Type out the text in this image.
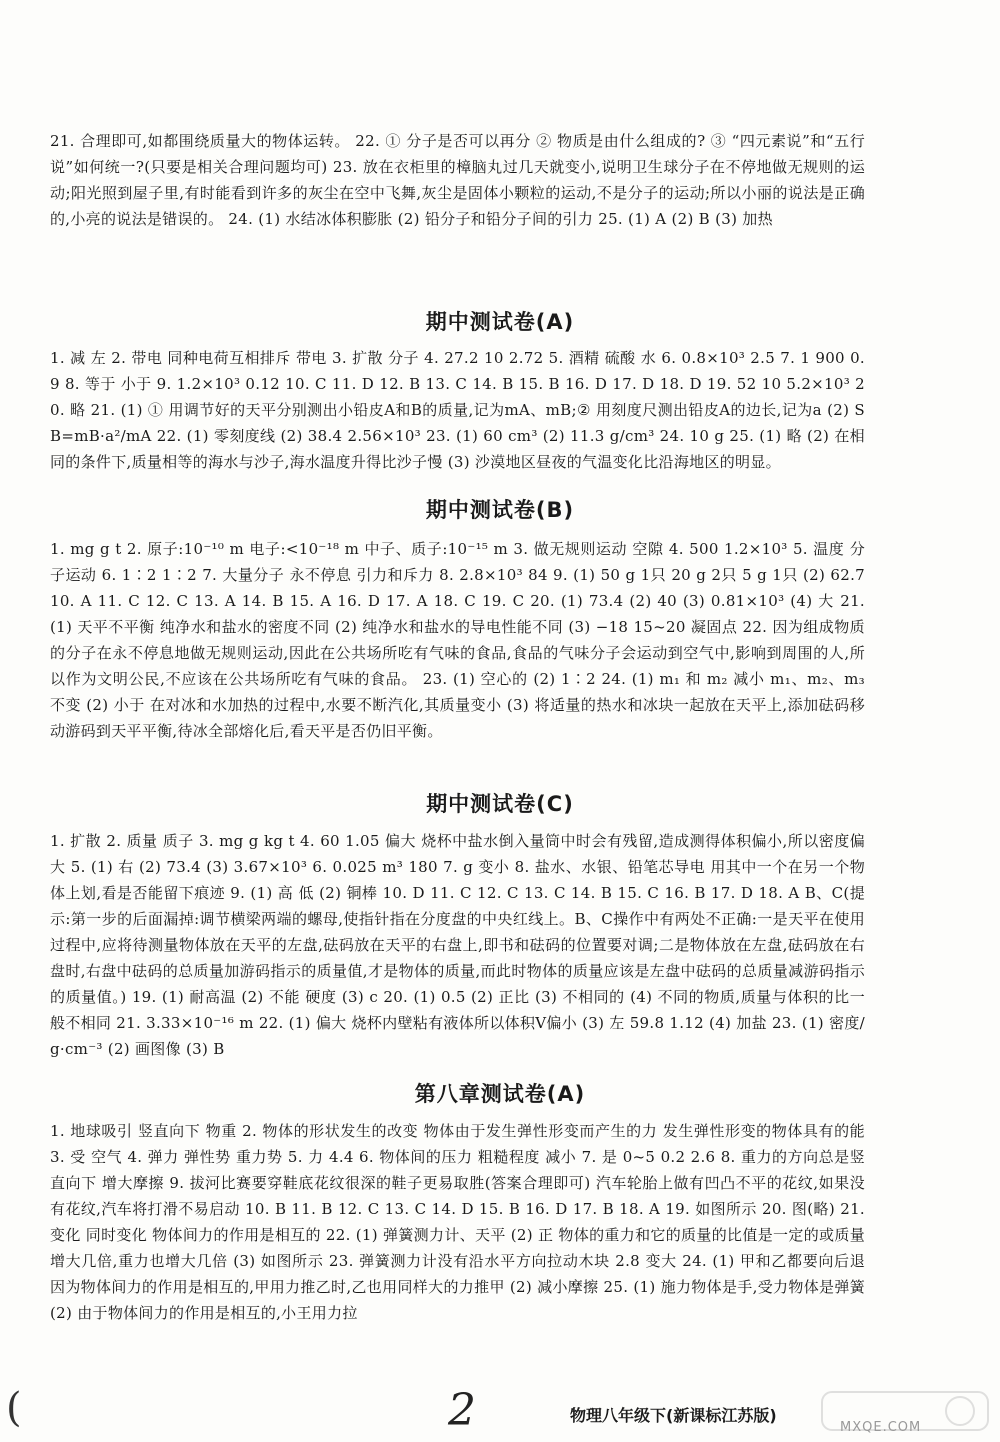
21. 合理即可,如都围绕质量大的物体运转。 22. ① 分子是否可以再分 ② 物质是由什么组成的? ③ “四元素说”和“五行说”如何统一?(只要是相关合理问题均可) 23. 放在衣柜里的樟脑丸过几天就变小,说明卫生球分子在不停地做无规则的运动;阳光照到屋子里,有时能看到许多的灰尘在空中飞舞,灰尘是固体小颗粒的运动,不是分子的运动;所以小丽的说法是正确的,小亮的说法是错误的。 24. (1) 水结冰体积膨胀 (2) 铅分子和铅分子间的引力 25. (1) A (2) B (3) 加热
期中测试卷(A)
1. 减 左 2. 带电 同种电荷互相排斥 带电 3. 扩散 分子 4. 27.2 10 2.72 5. 酒精 硫酸 水 6. 0.8×10³ 2.5 7. 1 900 0.9 8. 等于 小于 9. 1.2×10³ 0.12 10. C 11. D 12. B 13. C 14. B 15. B 16. D 17. D 18. D 19. 52 10 5.2×10³ 20. 略 21. (1) ① 用调节好的天平分别测出小铅皮A和B的质量,记为mA、mB;② 用刻度尺测出铅皮A的边长,记为a (2) SB=mB·a²/mA 22. (1) 零刻度线 (2) 38.4 2.56×10³ 23. (1) 60 cm³ (2) 11.3 g/cm³ 24. 10 g 25. (1) 略 (2) 在相同的条件下,质量相等的海水与沙子,海水温度升得比沙子慢 (3) 沙漠地区昼夜的气温变化比沿海地区的明显。
期中测试卷(B)
1. mg g t 2. 原子:10⁻¹⁰ m 电子:<10⁻¹⁸ m 中子、质子:10⁻¹⁵ m 3. 做无规则运动 空隙 4. 500 1.2×10³ 5. 温度 分子运动 6. 1∶2 1∶2 7. 大量分子 永不停息 引力和斥力 8. 2.8×10³ 84 9. (1) 50 g 1只 20 g 2只 5 g 1只 (2) 62.7 10. A 11. C 12. C 13. A 14. B 15. A 16. D 17. A 18. C 19. C 20. (1) 73.4 (2) 40 (3) 0.81×10³ (4) 大 21. (1) 天平不平衡 纯净水和盐水的密度不同 (2) 纯净水和盐水的导电性能不同 (3) −18 15~20 凝固点 22. 因为组成物质的分子在永不停息地做无规则运动,因此在公共场所吃有气味的食品,食品的气味分子会运动到空气中,影响到周围的人,所以作为文明公民,不应该在公共场所吃有气味的食品。 23. (1) 空心的 (2) 1∶2 24. (1) m₁ 和 m₂ 减小 m₁、m₂、m₃ 不变 (2) 小于 在对冰和水加热的过程中,水要不断汽化,其质量变小 (3) 将适量的热水和冰块一起放在天平上,添加砝码移动游码到天平平衡,待冰全部熔化后,看天平是否仍旧平衡。
期中测试卷(C)
1. 扩散 2. 质量 质子 3. mg g kg t 4. 60 1.05 偏大 烧杯中盐水倒入量筒中时会有残留,造成测得体积偏小,所以密度偏大 5. (1) 右 (2) 73.4 (3) 3.67×10³ 6. 0.025 m³ 180 7. g 变小 8. 盐水、水银、铅笔芯导电 用其中一个在另一个物体上划,看是否能留下痕迹 9. (1) 高 低 (2) 铜棒 10. D 11. C 12. C 13. C 14. B 15. C 16. B 17. D 18. A B、C(提示:第一步的后面漏掉:调节横梁两端的螺母,使指针指在分度盘的中央红线上。B、C操作中有两处不正确:一是天平在使用过程中,应将待测量物体放在天平的左盘,砝码放在天平的右盘上,即书和砝码的位置要对调;二是物体放在左盘,砝码放在右盘时,右盘中砝码的总质量加游码指示的质量值,才是物体的质量,而此时物体的质量应该是左盘中砝码的总质量减游码指示的质量值。) 19. (1) 耐高温 (2) 不能 硬度 (3) c 20. (1) 0.5 (2) 正比 (3) 不相同的 (4) 不同的物质,质量与体积的比一般不相同 21. 3.33×10⁻¹⁶ m 22. (1) 偏大 烧杯内壁粘有液体所以体积V偏小 (3) 左 59.8 1.12 (4) 加盐 23. (1) 密度/g·cm⁻³ (2) 画图像 (3) B
第八章测试卷(A)
1. 地球吸引 竖直向下 物重 2. 物体的形状发生的改变 物体由于发生弹性形变而产生的力 发生弹性形变的物体具有的能 3. 受 空气 4. 弹力 弹性势 重力势 5. 力 4.4 6. 物体间的压力 粗糙程度 减小 7. 是 0~5 0.2 2.6 8. 重力的方向总是竖直向下 增大摩擦 9. 拔河比赛要穿鞋底花纹很深的鞋子更易取胜(答案合理即可) 汽车轮胎上做有凹凸不平的花纹,如果没有花纹,汽车将打滑不易启动 10. B 11. B 12. C 13. C 14. D 15. B 16. D 17. B 18. A 19. 如图所示 20. 图(略) 21. 变化 同时变化 物体间力的作用是相互的 22. (1) 弹簧测力计、天平 (2) 正 物体的重力和它的质量的比值是一定的或质量增大几倍,重力也增大几倍 (3) 如图所示 23. 弹簧测力计没有沿水平方向拉动木块 2.8 变大 24. (1) 甲和乙都要向后退 因为物体间力的作用是相互的,甲用力推乙时,乙也用同样大的力推甲 (2) 减小摩擦 25. (1) 施力物体是手,受力物体是弹簧 (2) 由于物体间力的作用是相互的,小王用力拉
(	2	物理八年级下(新课标江苏版)
MXQE.COM
